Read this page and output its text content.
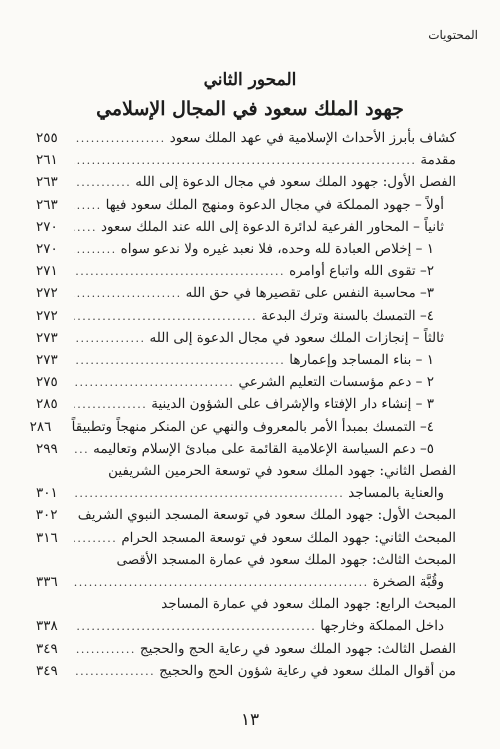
المحتويات
المحور الثاني
جهود الملك سعود في المجال الإسلامي
كشاف بأبرز الأحداث الإسلامية في عهد الملك سعود
.....
٢٥٥
مقدمة
.....
٢٦١
الفصل الأول: جهود الملك سعود في مجال الدعوة إلى الله
.....
٢٦٣
أولاً – جهود المملكة في مجال الدعوة ومنهج الملك سعود فيها
.....
٢٦٣
ثانياً – المحاور الفرعية لدائرة الدعوة إلى الله عند الملك سعود
.....
٢٧٠
١ – إخلاص العبادة لله وحده، فلا نعبد غيره ولا ندعو سواه
.....
٢٧٠
٢– تقوى الله واتباع أوامره
.....
٢٧١
٣– محاسبة النفس على تقصيرها في حق الله
.....
٢٧٢
٤– التمسك بالسنة وترك البدعة
.....
٢٧٢
ثالثاً – إنجازات الملك سعود في مجال الدعوة إلى الله
.....
٢٧٣
١ – بناء المساجد وإعمارها
.....
٢٧٣
٢ – دعم مؤسسات التعليم الشرعي
.....
٢٧٥
٣ – إنشاء دار الإفتاء والإشراف على الشؤون الدينية
.....
٢٨٥
٤– التمسك بمبدأ الأمر بالمعروف والنهي عن المنكر منهجاً وتطبيقاً
٢٨٦
٥– دعم السياسة الإعلامية القائمة على مبادئ الإسلام وتعاليمه
.....
٢٩٩
الفصل الثاني: جهود الملك سعود في توسعة الحرمين الشريفين
والعناية بالمساجد
.....
٣٠١
المبحث الأول: جهود الملك سعود في توسعة المسجد النبوي الشريف
٣٠٢
المبحث الثاني: جهود الملك سعود في توسعة المسجد الحرام
.....
٣١٦
المبحث الثالث: جهود الملك سعود في عمارة المسجد الأقصى
وقُبَّة الصخرة
.....
٣٣٦
المبحث الرابع: جهود الملك سعود في عمارة المساجد
داخل المملكة وخارجها
.....
٣٣٨
الفصل الثالث: جهود الملك سعود في رعاية الحج والحجيج
.....
٣٤٩
من أقوال الملك سعود في رعاية شؤون الحج والحجيج
.....
٣٤٩
١٣
